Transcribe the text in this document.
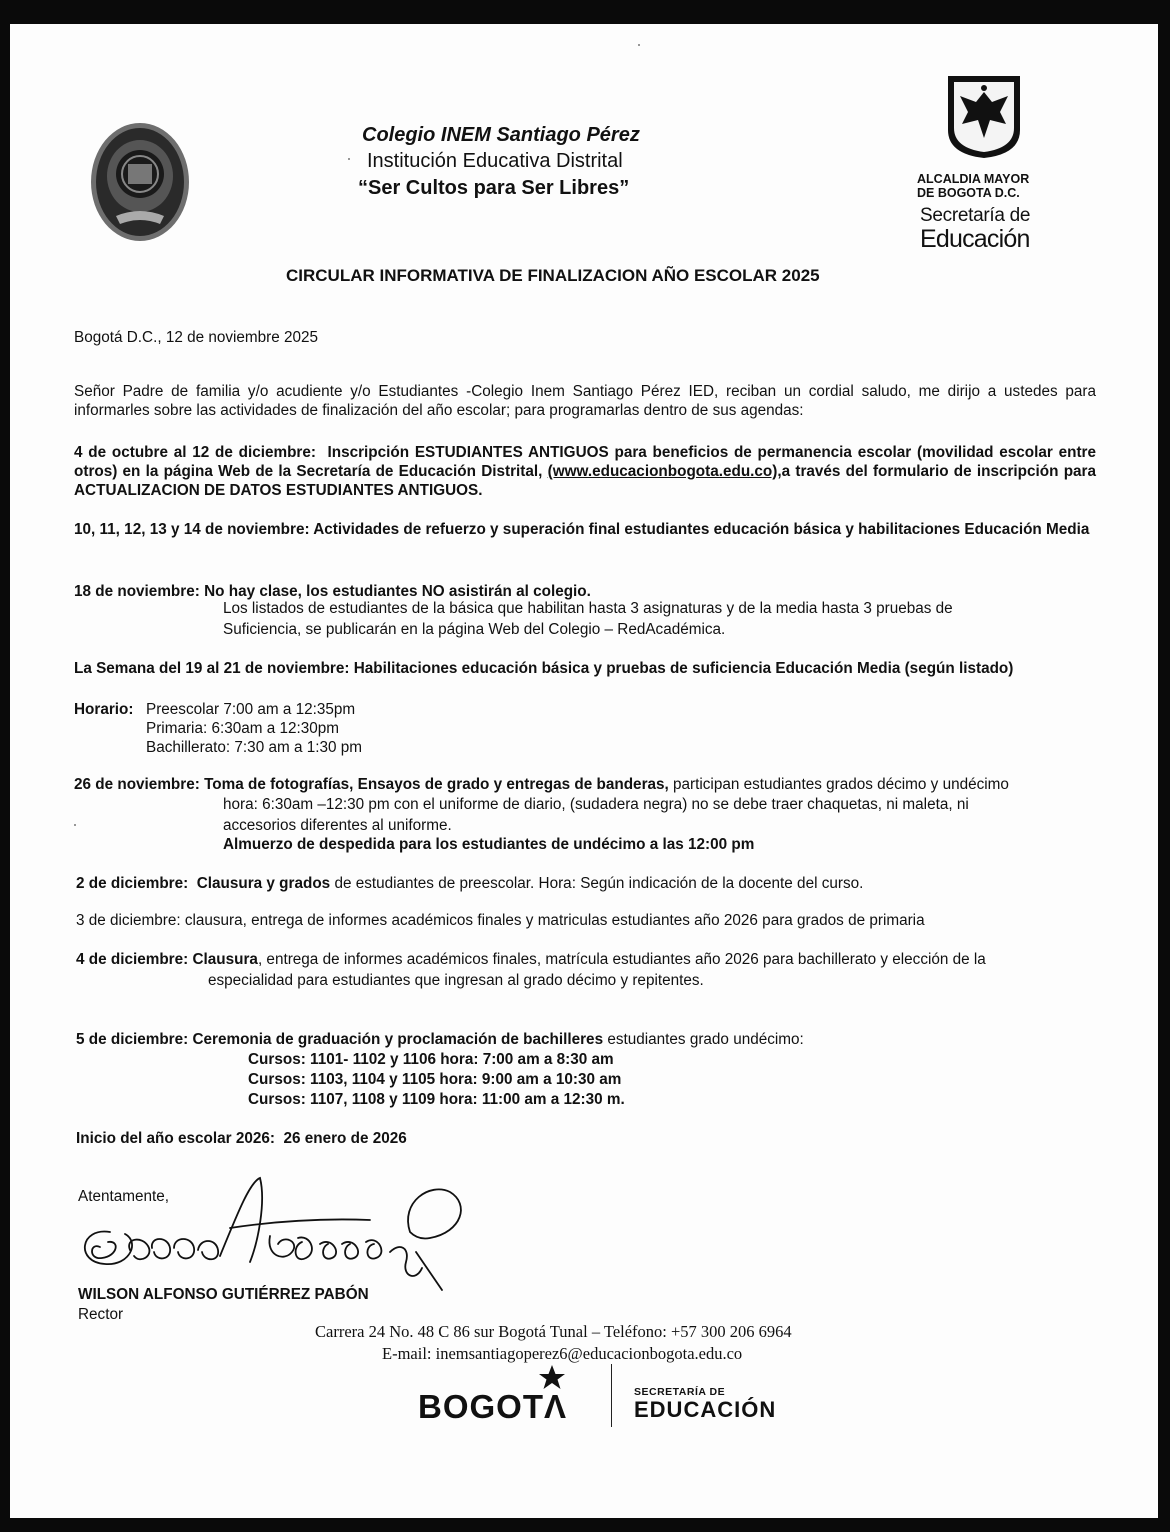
Colegio INEM Santiago Pérez
Institución Educativa Distrital
“Ser Cultos para Ser Libres”	ALCALDIA MAYOR
DE BOGOTA D.C.
Secretaría de
Educación
CIRCULAR INFORMATIVA DE FINALIZACION AÑO ESCOLAR 2025
Bogotá D.C., 12 de noviembre 2025
Señor Padre de familia y/o acudiente y/o Estudiantes -Colegio Inem Santiago Pérez IED, reciban un cordial saludo, me dirijo a ustedes para informarles sobre las actividades de finalización del año escolar; para programarlas dentro de sus agendas:
4 de octubre al 12 de diciembre: Inscripción ESTUDIANTES ANTIGUOS para beneficios de permanencia escolar (movilidad escolar entre otros) en la página Web de la Secretaría de Educación Distrital, (www.educacionbogota.edu.co),a través del formulario de inscripción para ACTUALIZACION DE DATOS ESTUDIANTES ANTIGUOS.
10, 11, 12, 13 y 14 de noviembre: Actividades de refuerzo y superación final estudiantes educación básica y habilitaciones Educación Media
18 de noviembre: No hay clase, los estudiantes NO asistirán al colegio.
Los listados de estudiantes de la básica que habilitan hasta 3 asignaturas y de la media hasta 3 pruebas de
Suficiencia, se publicarán en la página Web del Colegio – RedAcadémica.
La Semana del 19 al 21 de noviembre: Habilitaciones educación básica y pruebas de suficiencia Educación Media (según listado)
Horario: Preescolar 7:00 am a 12:35pm
Primaria: 6:30am a 12:30pm
Bachillerato: 7:30 am a 1:30 pm
26 de noviembre: Toma de fotografías, Ensayos de grado y entregas de banderas, participan estudiantes grados décimo y undécimo
hora: 6:30am –12:30 pm con el uniforme de diario, (sudadera negra) no se debe traer chaquetas, ni maleta, ni
accesorios diferentes al uniforme.
Almuerzo de despedida para los estudiantes de undécimo a las 12:00 pm
2 de diciembre: Clausura y grados de estudiantes de preescolar. Hora: Según indicación de la docente del curso.
3 de diciembre: clausura, entrega de informes académicos finales y matriculas estudiantes año 2026 para grados de primaria
4 de diciembre: Clausura, entrega de informes académicos finales, matrícula estudiantes año 2026 para bachillerato y elección de la
especialidad para estudiantes que ingresan al grado décimo y repitentes.
5 de diciembre: Ceremonia de graduación y proclamación de bachilleres estudiantes grado undécimo:
Cursos: 1101- 1102 y 1106 hora: 7:00 am a 8:30 am
Cursos: 1103, 1104 y 1105 hora: 9:00 am a 10:30 am
Cursos: 1107, 1108 y 1109 hora: 11:00 am a 12:30 m.
Inicio del año escolar 2026: 26 enero de 2026
Atentamente,
WILSON ALFONSO GUTIÉRREZ PABÓN
Rector
Carrera 24 No. 48 C 86 sur Bogotá Tunal – Teléfono: +57 300 206 6964
E-mail: inemsantiagoperez6@educacionbogota.edu.co
BOGOTΛ	SECRETARÍA DE
EDUCACIÓN
